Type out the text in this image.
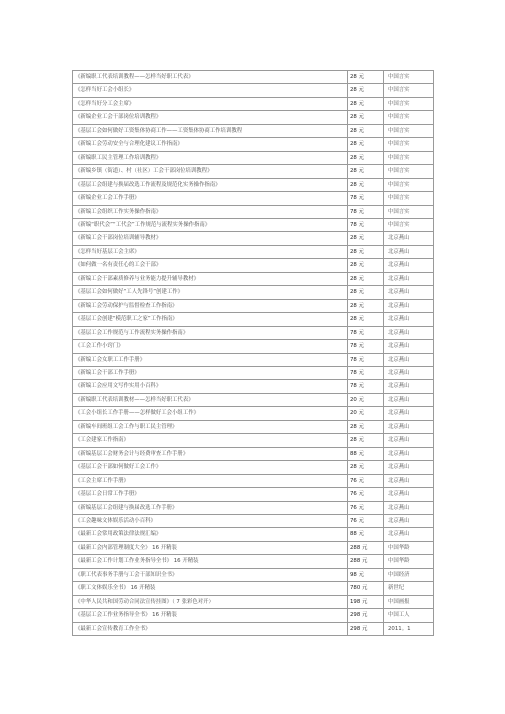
《新编职工代表培训教程——怎样当好职工代表》	28 元	中国言实
《怎样当好工会小组长》	28 元	中国言实
《怎样当好分工会主席》	28 元	中国言实
《新编企业工会干部岗位培训教程》	28 元	中国言实
《基层工会如何做好工资集体协商工作——工资集体协商工作培训教程	28 元	中国言实
《新编工会劳动安全与合理化建议工作指南》	28 元	中国言实
《新编职工民主管理工作培训教程》	28 元	中国言实
《新编乡镇（街道）、村（社区）工会干部岗位培训教程》	28 元	中国言实
《基层工会组建与换届改选工作流程及规范化实务操作指南》	28 元	中国言实
《新编企业工会工作手册》	78 元	中国言实
《新编工会组织工作实务操作指南》	78 元	中国言实
《新编“职代会”“工代会”工作规范与流程实务操作指南》	78 元	中国言实
《新编工会干部岗位培训辅导教材》	28 元	北京燕山
《怎样当好基层工会主席》	28 元	北京燕山
《如何做一名有责任心的工会干部》	28 元	北京燕山
《新编工会干部素质修养与业务能力提升辅导教材》	28 元	北京燕山
《基层工会如何做好“工人先锋号”创建工作》	28 元	北京燕山
《新编工会劳动保护与监督检查工作指南》	28 元	北京燕山
《基层工会创建“模范职工之家”工作指南》	28 元	北京燕山
《基层工会工作规范与工作流程实务操作指南》	78 元	北京燕山
《工会工作小窍门》	78 元	北京燕山
《新编工会女职工工作手册》	78 元	北京燕山
《新编工会干部工作手册》	78 元	北京燕山
《新编工会应用文写作实用小百科》	78 元	北京燕山
《新编职工代表培训教材——怎样当好职工代表》	20 元	北京燕山
《工会小组长工作手册——怎样做好工会小组工作》	20 元	北京燕山
《新编车间班组工会工作与职工民主管理》	28 元	北京燕山
《工会建家工作指南》	28 元	北京燕山
《新编基层工会财务会计与经费审查工作手册》	88 元	北京燕山
《基层工会干部如何做好工会工作》	28 元	北京燕山
《工会主席工作手册》	76 元	北京燕山
《基层工会日常工作手册》	76 元	北京燕山
《新编基层工会组建与换届改选工作手册》	76 元	北京燕山
《工会趣味文体娱乐活动小百科》	76 元	北京燕山
《最新工会常用政策法律法规汇编》	88 元	北京燕山
《最新工会内部管理制度大全》 16 开精装	288 元	中国华龄
《最新工会工作计划工作业务指导全书》 16 开精装	288 元	中国华龄
《职工代表事务手册与工会干部知识全书》	98 元	中国经济
《职工文体娱乐全书》 16 开精装	780 元	新世纪
《中华人民共和国劳动合同法宣传挂图》（ 7 张彩色对开）	198 元	中国画报
《基层工会工作业务指导全书》 16 开精装	298 元	中国工人
《最新工会宣传教育工作全书》	298 元	2011。1
